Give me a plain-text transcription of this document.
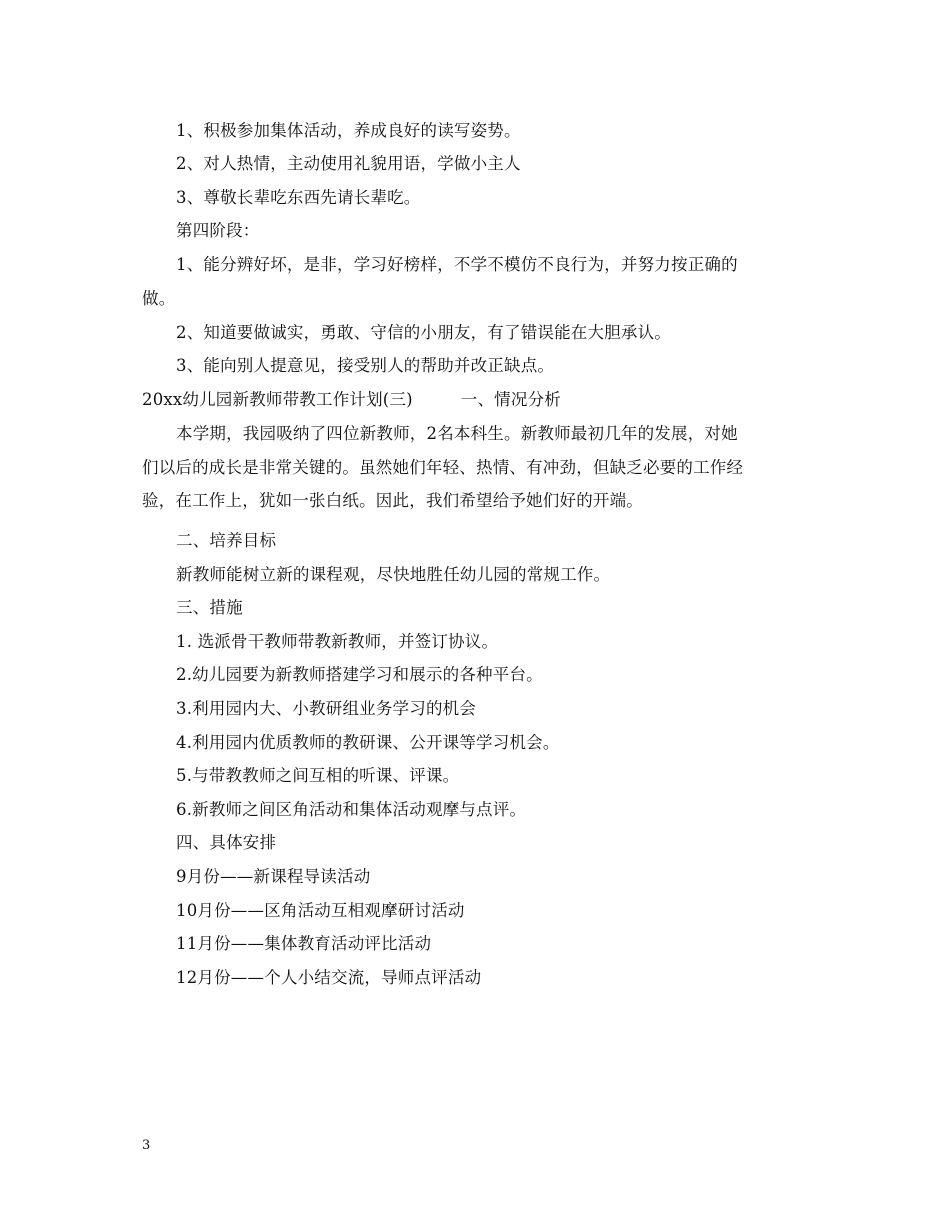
1、积极参加集体活动，养成良好的读写姿势。
2、对人热情，主动使用礼貌用语，学做小主人
3、尊敬长辈吃东西先请长辈吃。
第四阶段：
1、能分辨好坏，是非，学习好榜样，不学不模仿不良行为，并努力按正确的
做。
2、知道要做诚实，勇敢、守信的小朋友，有了错误能在大胆承认。
3、能向别人提意见，接受别人的帮助并改正缺点。
20xx幼儿园新教师带教工作计划(三)	一、情况分析
本学期，我园吸纳了四位新教师，2名本科生。新教师最初几年的发展，对她
们以后的成长是非常关键的。虽然她们年轻、热情、有冲劲，但缺乏必要的工作经
验，在工作上，犹如一张白纸。因此，我们希望给予她们好的开端。
二、培养目标
新教师能树立新的课程观，尽快地胜任幼儿园的常规工作。
三、措施
1. 选派骨干教师带教新教师，并签订协议。
2.幼儿园要为新教师搭建学习和展示的各种平台。
3.利用园内大、小教研组业务学习的机会
4.利用园内优质教师的教研课、公开课等学习机会。
5.与带教教师之间互相的听课、评课。
6.新教师之间区角活动和集体活动观摩与点评。
四、具体安排
9月份——新课程导读活动
10月份——区角活动互相观摩研讨活动
11月份——集体教育活动评比活动
12月份——个人小结交流，导师点评活动
3
